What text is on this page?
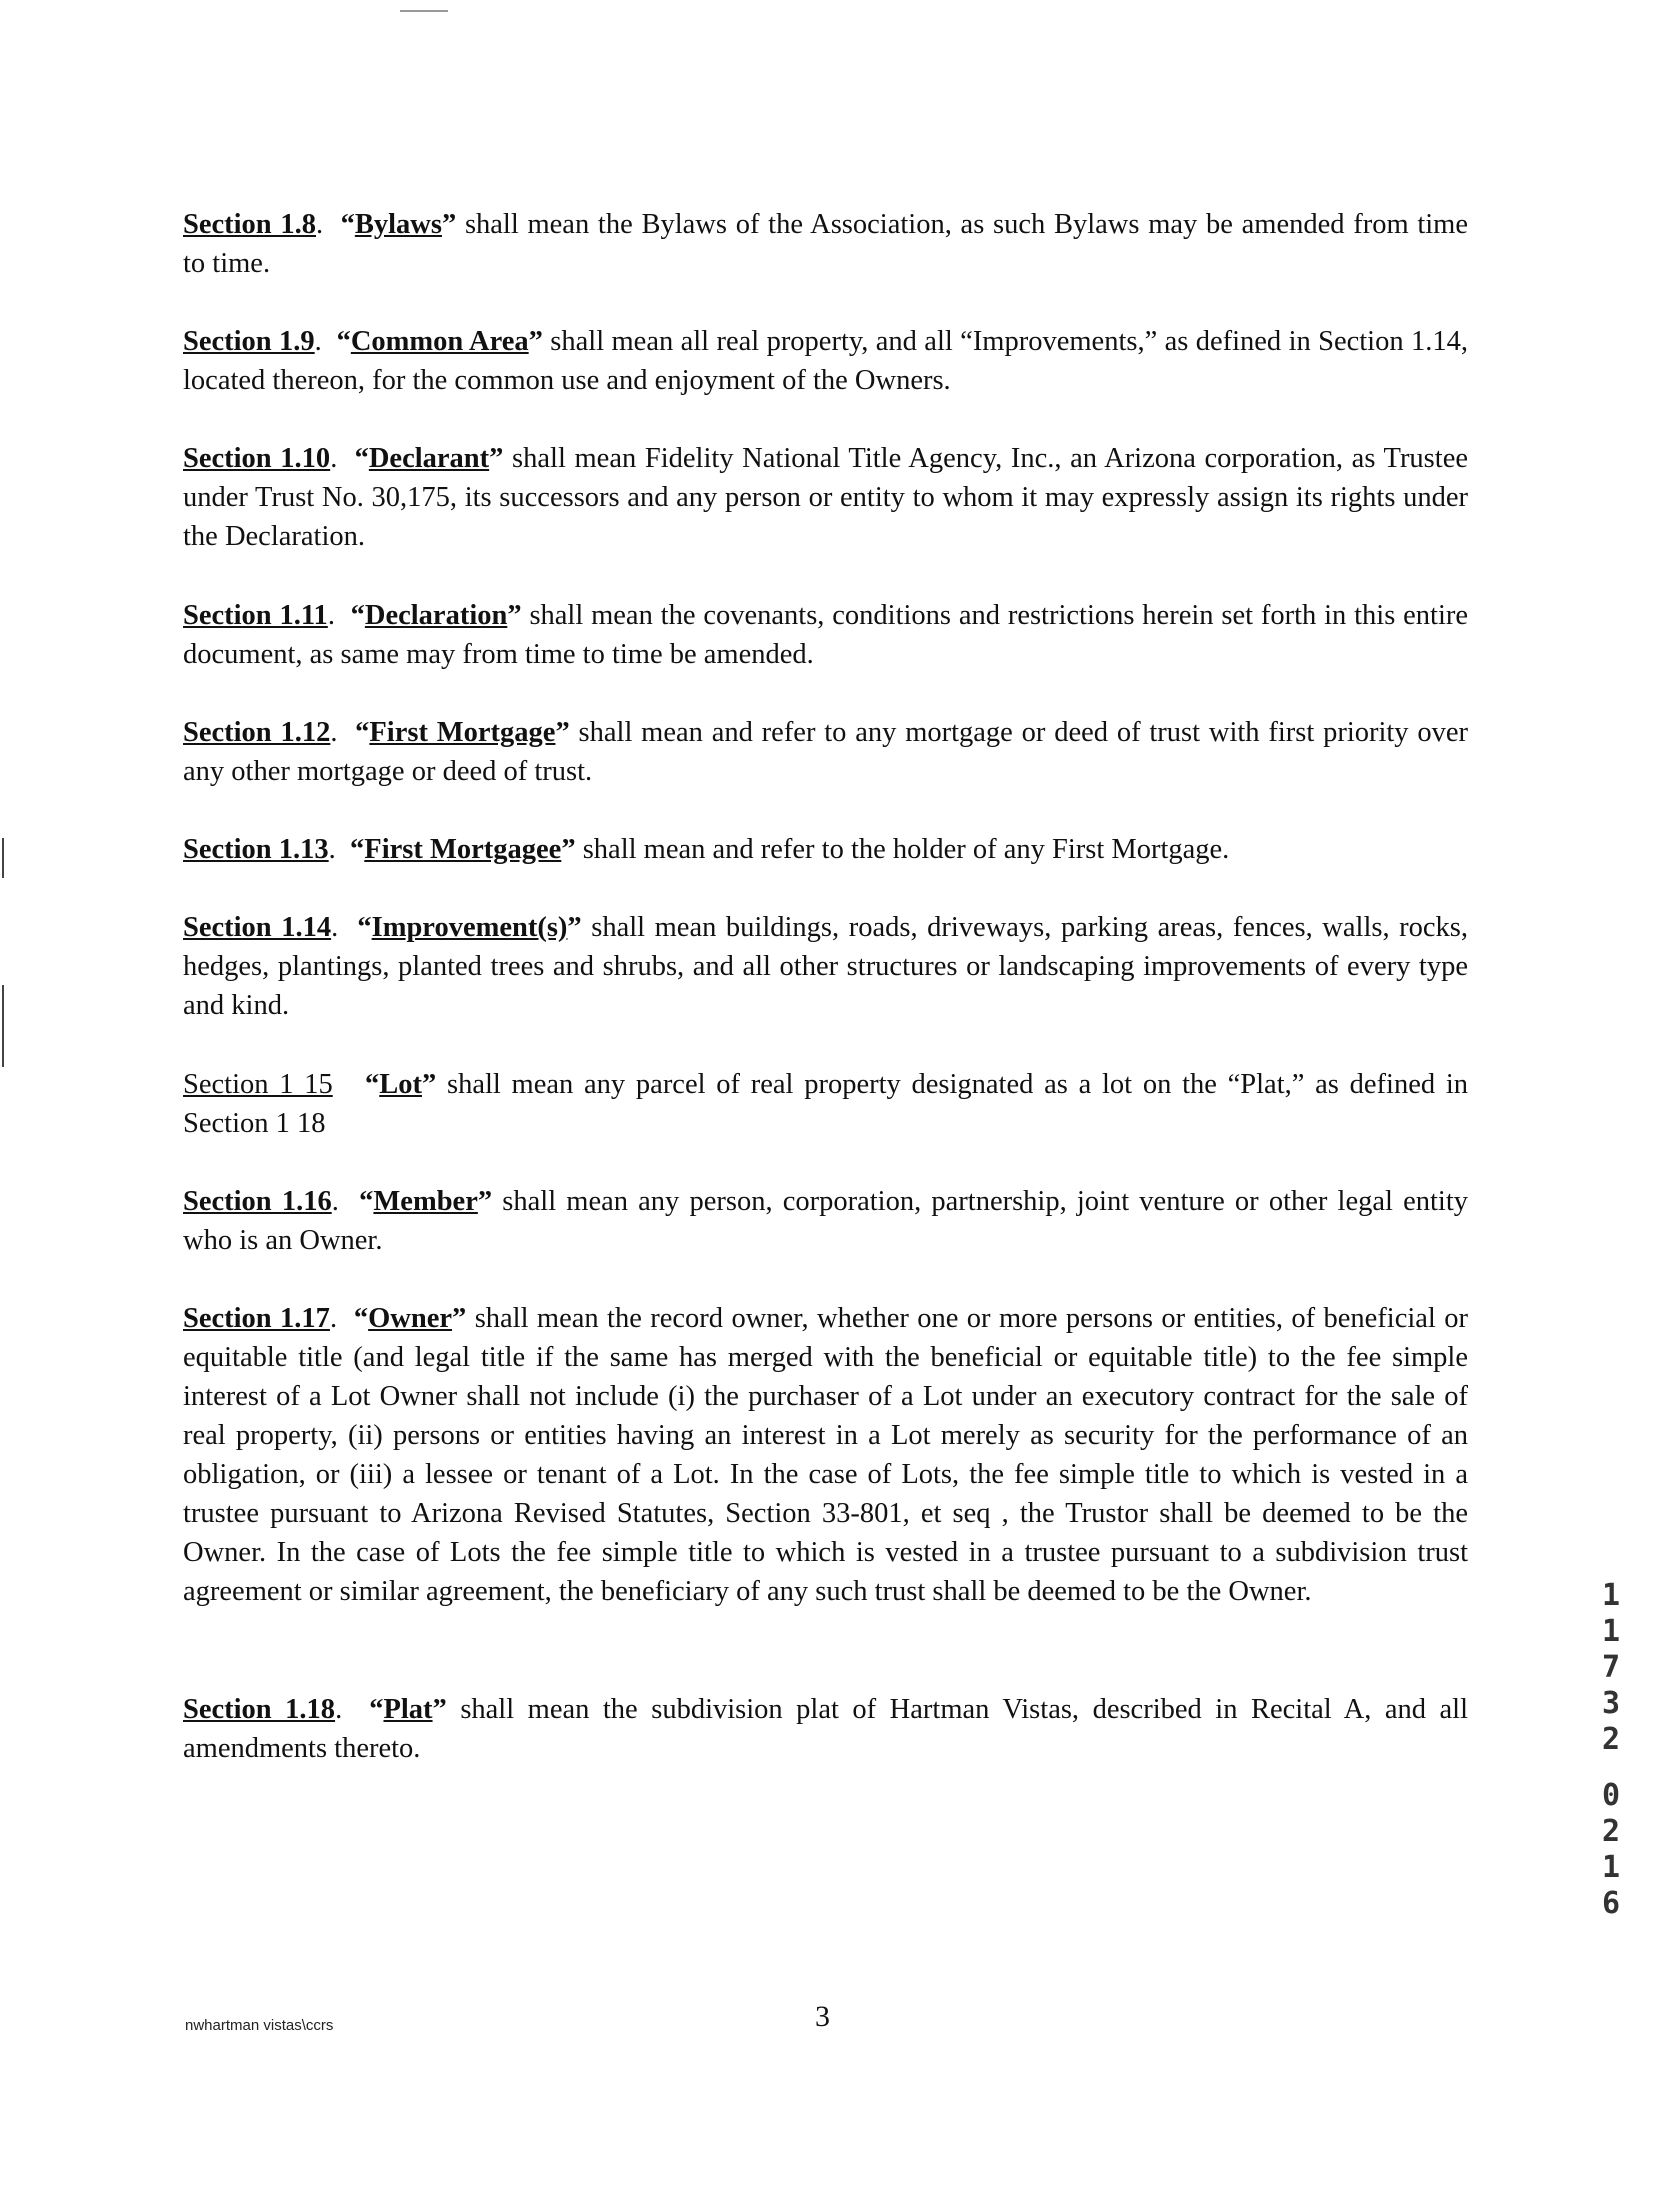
Section 1.8.  “Bylaws” shall mean the Bylaws of the Association, as such Bylaws may be amended from time to time.

Section 1.9.  “Common Area” shall mean all real property, and all “Improvements,” as defined in Section 1.14, located thereon, for the common use and enjoyment of the Owners.

Section 1.10.  “Declarant” shall mean Fidelity National Title Agency, Inc., an Arizona corporation, as Trustee under Trust No. 30,175, its successors and any person or entity to whom it may expressly assign its rights under the Declaration.

Section 1.11.  “Declaration” shall mean the covenants, conditions and restrictions herein set forth in this entire document, as same may from time to time be amended.

Section 1.12.  “First Mortgage” shall mean and refer to any mortgage or deed of trust with first priority over any other mortgage or deed of trust.

Section 1.13.  “First Mortgagee” shall mean and refer to the holder of any First Mortgage.

Section 1.14.  “Improvement(s)” shall mean buildings, roads, driveways, parking areas, fences, walls, rocks, hedges, plantings, planted trees and shrubs, and all other structures or landscaping improvements of every type and kind.

Section 1 15 “Lot” shall mean any parcel of real property designated as a lot on the “Plat,” as defined in Section 1 18

Section 1.16.  “Member” shall mean any person, corporation, partnership, joint venture or other legal entity who is an Owner.

Section 1.17.  “Owner” shall mean the record owner, whether one or more persons or entities, of beneficial or equitable title (and legal title if the same has merged with the beneficial or equitable title) to the fee simple interest of a Lot Owner shall not include (i) the purchaser of a Lot under an executory contract for the sale of real property, (ii) persons or entities having an interest in a Lot merely as security for the performance of an obligation, or (iii) a lessee or tenant of a Lot. In the case of Lots, the fee simple title to which is vested in a trustee pursuant to Arizona Revised Statutes, Section 33-801, et seq , the Trustor shall be deemed to be the Owner. In the case of Lots the fee simple title to which is vested in a trustee pursuant to a subdivision trust agreement or similar agreement, the beneficiary of any such trust shall be deemed to be the Owner.

Section 1.18.  “Plat” shall mean the subdivision plat of Hartman Vistas, described in Recital A, and all amendments thereto.

nwhartman vistas\ccrs	3
1
1
7
3
2
0
2
1
6
